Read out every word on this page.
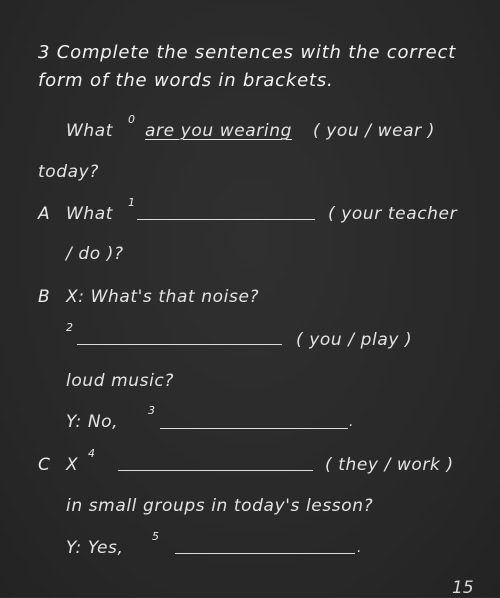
3 Complete the sentences with the correct
form of the words in brackets.
What
0
are you wearing ( you / wear )
today?
A What
1
( your teacher
/ do )?
B X: What's that noise?
2
( you / play )
loud music?
Y: No,
3
.
C X
4
( they / work )
in small groups in today's lesson?
Y: Yes,
5
.
15
